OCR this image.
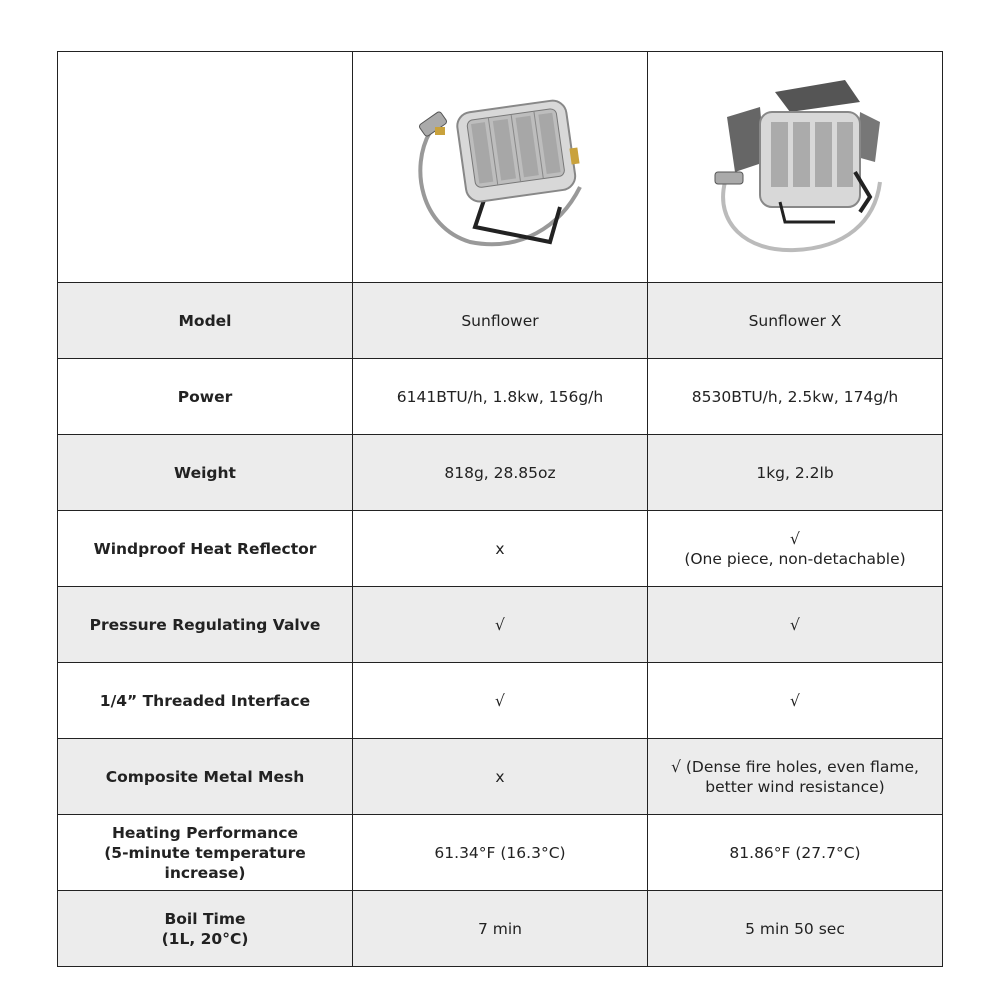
Model	Sunflower	Sunflower X
Power	6141BTU/h, 1.8kw, 156g/h	8530BTU/h, 2.5kw, 174g/h
Weight	818g, 28.85oz	1kg, 2.2lb
Windproof Heat Reflector	x	√
(One piece, non-detachable)
Pressure Regulating Valve	√	√
1/4” Threaded Interface	√	√
Composite Metal Mesh	x	√ (Dense fire holes, even flame,
better wind resistance)
Heating Performance
(5-minute temperature increase)	61.34°F (16.3°C)	81.86°F (27.7°C)
Boil Time
(1L, 20°C)	7 min	5 min 50 sec
